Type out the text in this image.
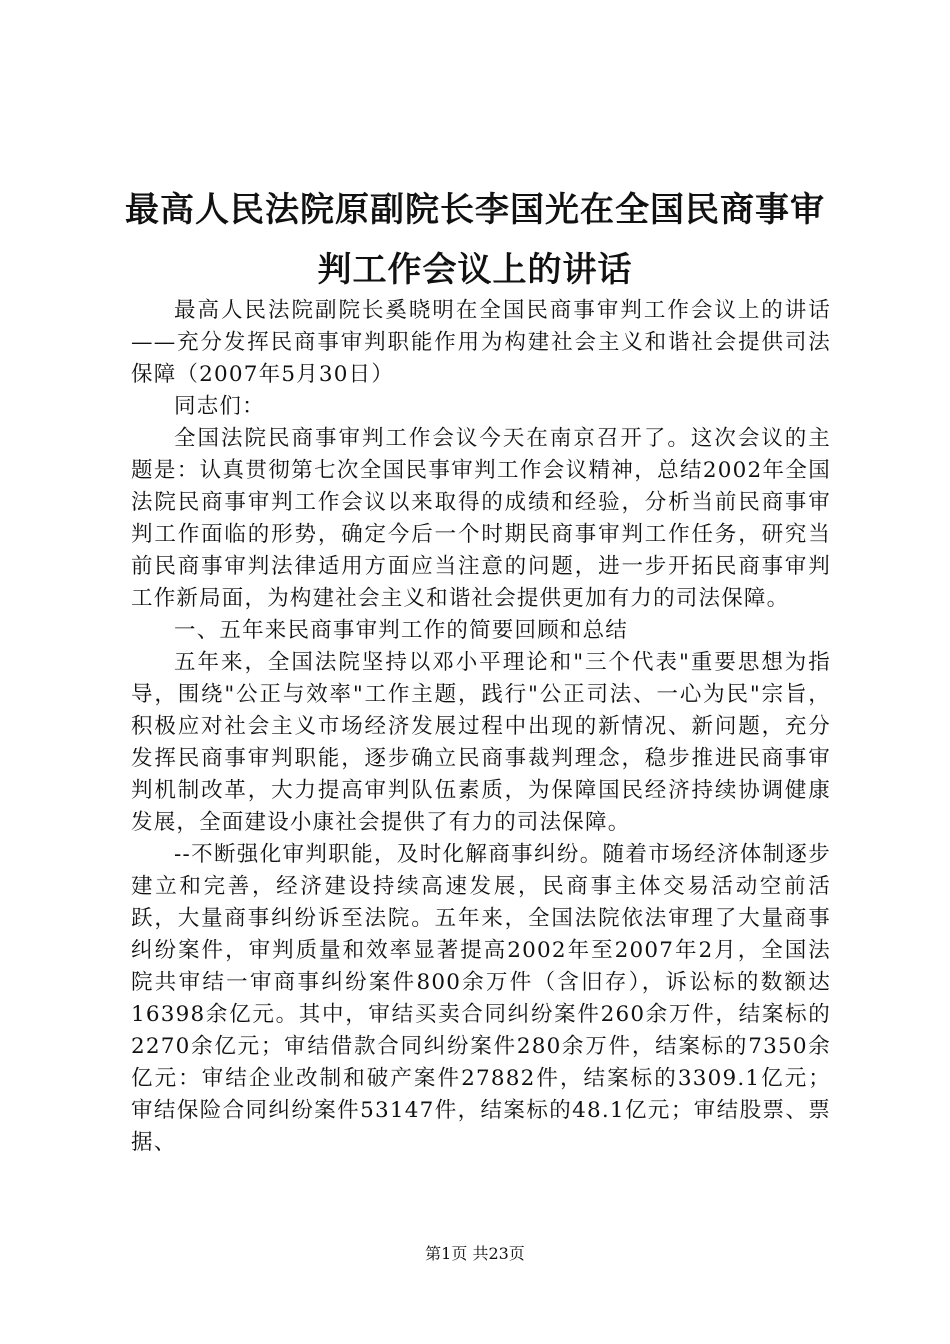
最高人民法院原副院长李国光在全国民商事审
判工作会议上的讲话

最高人民法院副院长奚晓明在全国民商事审判工作会议上的讲话——充分发挥民商事审判职能作用为构建社会主义和谐社会提供司法保障（2007年5月30日）

同志们：

全国法院民商事审判工作会议今天在南京召开了。这次会议的主题是：认真贯彻第七次全国民事审判工作会议精神，总结2002年全国法院民商事审判工作会议以来取得的成绩和经验，分析当前民商事审判工作面临的形势，确定今后一个时期民商事审判工作任务，研究当前民商事审判法律适用方面应当注意的问题，进一步开拓民商事审判工作新局面，为构建社会主义和谐社会提供更加有力的司法保障。

一、五年来民商事审判工作的简要回顾和总结

五年来，全国法院坚持以邓小平理论和"三个代表"重要思想为指导，围绕"公正与效率"工作主题，践行"公正司法、一心为民"宗旨，积极应对社会主义市场经济发展过程中出现的新情况、新问题，充分发挥民商事审判职能，逐步确立民商事裁判理念，稳步推进民商事审判机制改革，大力提高审判队伍素质，为保障国民经济持续协调健康发展，全面建设小康社会提供了有力的司法保障。

--不断强化审判职能，及时化解商事纠纷。随着市场经济体制逐步建立和完善，经济建设持续高速发展，民商事主体交易活动空前活跃，大量商事纠纷诉至法院。五年来，全国法院依法审理了大量商事纠纷案件，审判质量和效率显著提高2002年至2007年2月，全国法院共审结一审商事纠纷案件800余万件（含旧存），诉讼标的数额达16398余亿元。其中，审结买卖合同纠纷案件260余万件，结案标的2270余亿元；审结借款合同纠纷案件280余万件，结案标的7350余亿元：审结企业改制和破产案件27882件，结案标的3309.1亿元；审结保险合同纠纷案件53147件，结案标的48.1亿元；审结股票、票据、

第1页 共23页
